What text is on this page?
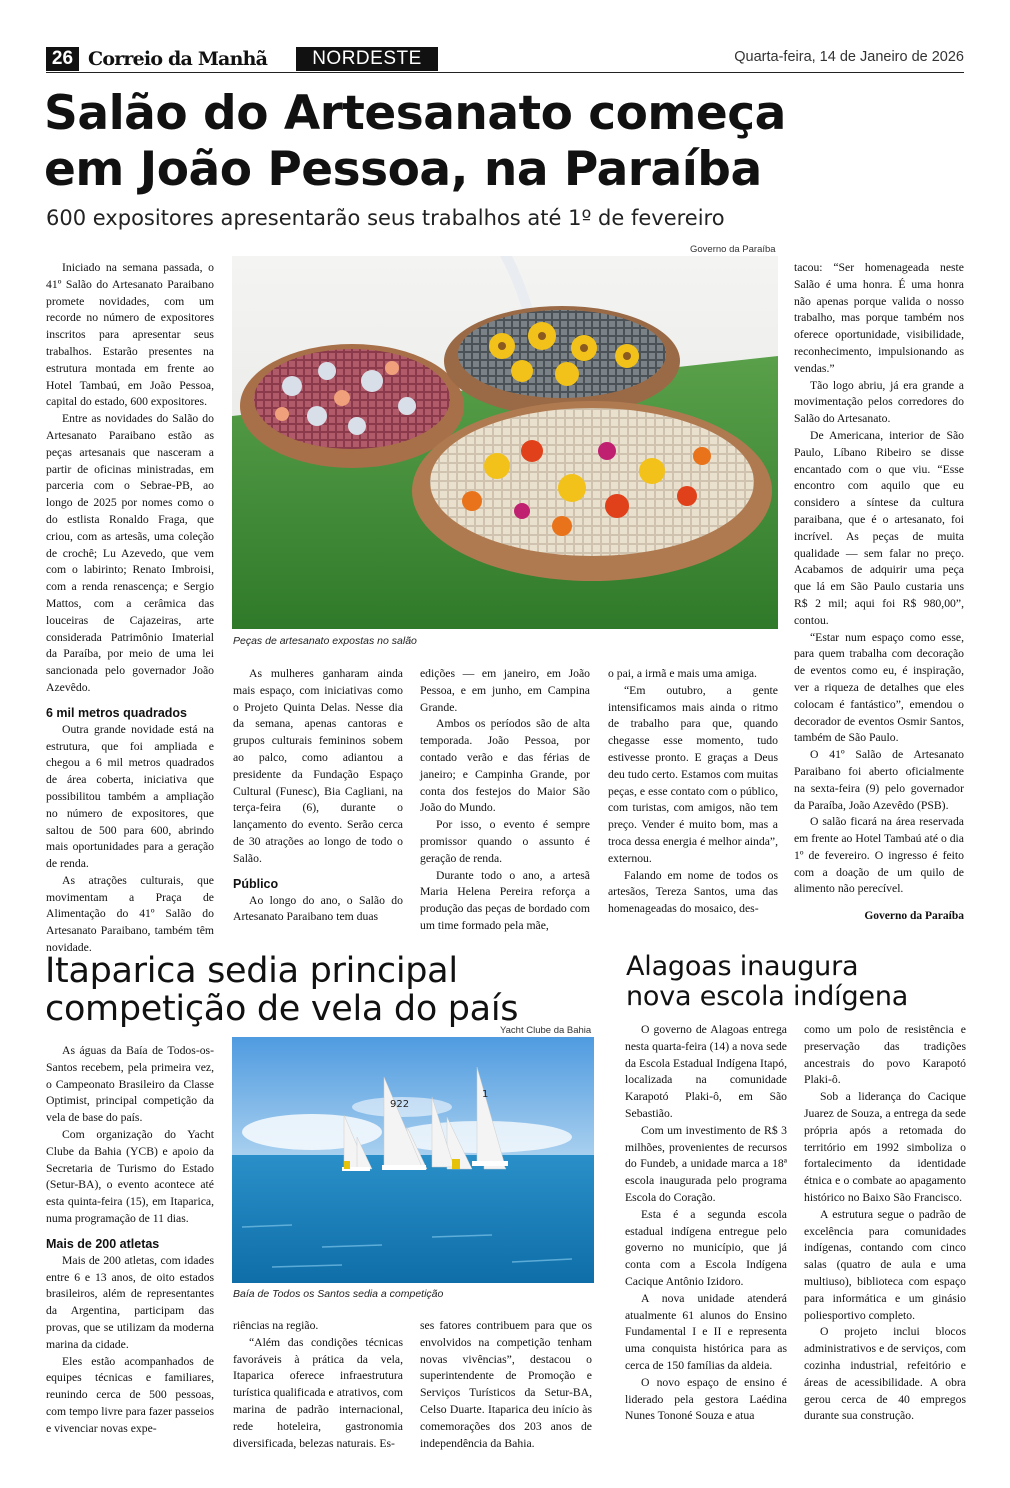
26 Correio da Manhã	NORDESTE	Quarta-feira, 14 de Janeiro de 2026
Salão do Artesanato começa
em João Pessoa, na Paraíba
600 expositores apresentarão seus trabalhos até 1º de fevereiro
Governo da Paraíba
Peças de artesanato expostas no salão

Iniciado na semana passada, o 41º Salão do Artesanato Paraibano promete novidades, com um recorde no número de expositores inscritos para apresentar seus trabalhos. Estarão presentes na estrutura montada em frente ao Hotel Tambaú, em João Pessoa, capital do estado, 600 expositores.

Entre as novidades do Salão do Artesanato Paraibano estão as peças artesanais que nasceram a partir de oficinas ministradas, em parceria com o Sebrae-PB, ao longo de 2025 por nomes como o do estlista Ronaldo Fraga, que criou, com as artesãs, uma coleção de crochê; Lu Azevedo, que vem com o labirinto; Renato Imbroisi, com a renda renascença; e Sergio Mattos, com a cerâmica das louceiras de Cajazeiras, arte considerada Patrimônio Imaterial da Paraíba, por meio de uma lei sancionada pelo governador João Azevêdo.

6 mil metros quadrados

Outra grande novidade está na estrutura, que foi ampliada e chegou a 6 mil metros quadrados de área coberta, iniciativa que possibilitou também a ampliação no número de expositores, que saltou de 500 para 600, abrindo mais oportunidades para a geração de renda.

As atrações culturais, que movimentam a Praça de Alimentação do 41º Salão do Artesanato Paraibano, também têm novidade.

As mulheres ganharam ainda mais espaço, com iniciativas como o Projeto Quinta Delas. Nesse dia da semana, apenas cantoras e grupos culturais femininos sobem ao palco, como adiantou a presidente da Fundação Espaço Cultural (Funesc), Bia Cagliani, na terça-feira (6), durante o lançamento do evento. Serão cerca de 30 atrações ao longo de todo o Salão.

Público

Ao longo do ano, o Salão do Artesanato Paraibano tem duas

edições — em janeiro, em João Pessoa, e em junho, em Campina Grande.

Ambos os períodos são de alta temporada. João Pessoa, por contado verão e das férias de janeiro; e Campinha Grande, por conta dos festejos do Maior São João do Mundo.

Por isso, o evento é sempre promissor quando o assunto é geração de renda.

Durante todo o ano, a artesã Maria Helena Pereira reforça a produção das peças de bordado com um time formado pela mãe,

o pai, a irmã e mais uma amiga.

“Em outubro, a gente intensificamos mais ainda o ritmo de trabalho para que, quando chegasse esse momento, tudo estivesse pronto. E graças a Deus deu tudo certo. Estamos com muitas peças, e esse contato com o público, com turistas, com amigos, não tem preço. Vender é muito bom, mas a troca dessa energia é melhor ainda”, externou.

Falando em nome de todos os artesãos, Tereza Santos, uma das homenageadas do mosaico, des-

tacou: “Ser homenageada neste Salão é uma honra. É uma honra não apenas porque valida o nosso trabalho, mas porque também nos oferece oportunidade, visibilidade, reconhecimento, impulsionando as vendas.”

Tão logo abriu, já era grande a movimentação pelos corredores do Salão do Artesanato.

De Americana, interior de São Paulo, Líbano Ribeiro se disse encantado com o que viu. “Esse encontro com aquilo que eu considero a síntese da cultura paraibana, que é o artesanato, foi incrível. As peças de muita qualidade — sem falar no preço. Acabamos de adquirir uma peça que lá em São Paulo custaria uns R$ 2 mil; aqui foi R$ 980,00”, contou.

“Estar num espaço como esse, para quem trabalha com decoração de eventos como eu, é inspiração, ver a riqueza de detalhes que eles colocam é fantástico”, emendou o decorador de eventos Osmir Santos, também de São Paulo.

O 41º Salão de Artesanato Paraibano foi aberto oficialmente na sexta-feira (9) pelo governador da Paraíba, João Azevêdo (PSB).

O salão ficará na área reservada em frente ao Hotel Tambaú até o dia 1º de fevereiro. O ingresso é feito com a doação de um quilo de alimento não perecível.

Governo da Paraíba
Itaparica sedia principal
competição de vela do país
Yacht Clube da Bahia
922
1
Baía de Todos os Santos sedia a competição

As águas da Baía de Todos-os-Santos recebem, pela primeira vez, o Campeonato Brasileiro da Classe Optimist, principal competição da vela de base do país.

Com organização do Yacht Clube da Bahia (YCB) e apoio da Secretaria de Turismo do Estado (Setur-BA), o evento acontece até esta quinta-feira (15), em Itaparica, numa programação de 11 dias.

Mais de 200 atletas

Mais de 200 atletas, com idades entre 6 e 13 anos, de oito estados brasileiros, além de representantes da Argentina, participam das provas, que se utilizam da moderna marina da cidade.

Eles estão acompanhados de equipes técnicas e familiares, reunindo cerca de 500 pessoas, com tempo livre para fazer passeios e vivenciar novas expe-

riências na região.

“Além das condições técnicas favoráveis à prática da vela, Itaparica oferece infraestrutura turística qualificada e atrativos, com marina de padrão internacional, rede hoteleira, gastronomia diversificada, belezas naturais. Es-

ses fatores contribuem para que os envolvidos na competição tenham novas vivências”, destacou o superintendente de Promoção e Serviços Turísticos da Setur-BA, Celso Duarte. Itaparica deu início às comemorações dos 203 anos de independência da Bahia.

Alagoas inaugura
nova escola indígena

O governo de Alagoas entrega nesta quarta-feira (14) a nova sede da Escola Estadual Indígena Itapó, localizada na comunidade Karapotó Plaki-ô, em São Sebastião.

Com um investimento de R$ 3 milhões, provenientes de recursos do Fundeb, a unidade marca a 18ª escola inaugurada pelo programa Escola do Coração.

Esta é a segunda escola estadual indígena entregue pelo governo no município, que já conta com a Escola Indígena Cacique Antônio Izidoro.

A nova unidade atenderá atualmente 61 alunos do Ensino Fundamental I e II e representa uma conquista histórica para as cerca de 150 famílias da aldeia.

O novo espaço de ensino é liderado pela gestora Laédina Nunes Tononé Souza e atua

como um polo de resistência e preservação das tradições ancestrais do povo Karapotó Plaki-ô.

Sob a liderança do Cacique Juarez de Souza, a entrega da sede própria após a retomada do território em 1992 simboliza o fortalecimento da identidade étnica e o combate ao apagamento histórico no Baixo São Francisco.

A estrutura segue o padrão de excelência para comunidades indígenas, contando com cinco salas (quatro de aula e uma multiuso), biblioteca com espaço para informática e um ginásio poliesportivo completo.

O projeto inclui blocos administrativos e de serviços, com cozinha industrial, refeitório e áreas de acessibilidade. A obra gerou cerca de 40 empregos durante sua construção.
